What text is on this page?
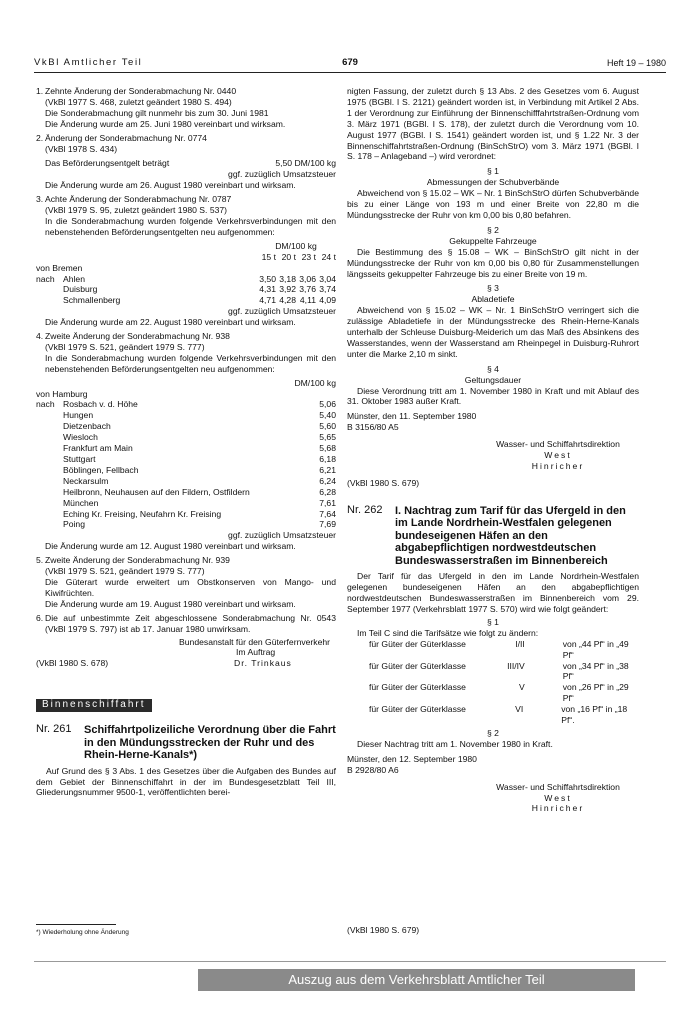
VkBl Amtlicher Teil	679	Heft 19 – 1980
1. Zehnte Änderung der Sonderabmachung Nr. 0440

(VkBl 1977 S. 468, zuletzt geändert 1980 S. 494)

Die Sonderabmachung gilt nunmehr bis zum 30. Juni 1981

Die Änderung wurde am 25. Juni 1980 vereinbart und wirksam.

2. Änderung der Sonderabmachung Nr. 0774

(VkBl 1978 S. 434)

Das Beförderungsentgelt beträgt	5,50 DM/100 kg

ggf. zuzüglich Umsatzsteuer

Die Änderung wurde am 26. August 1980 vereinbart und wirksam.

3. Achte Änderung der Sonderabmachung Nr. 0787

(VkBl 1979 S. 95, zuletzt geändert 1980 S. 537)

In die Sonderabmachung wurden folgende Verkehrsverbindungen mit den nebenstehenden Beförderungsentgelten neu aufgenommen:

DM/100 kg
15 t 20 t 23 t 24 t

von Bremen

nach Ahlen	3,50 3,18 3,06 3,04
Duisburg	4,31 3,92 3,76 3,74
Schmallenberg	4,71 4,28 4,11 4,09

ggf. zuzüglich Umsatzsteuer

Die Änderung wurde am 22. August 1980 vereinbart und wirksam.

4. Zweite Änderung der Sonderabmachung Nr. 938

(VkBl 1979 S. 521, geändert 1979 S. 777)

In die Sonderabmachung wurden folgende Verkehrsverbindungen mit den nebenstehenden Beförderungsentgelten neu aufgenommen:

DM/100 kg

von Hamburg

nach Rosbach v. d. Höhe	5,06
Hungen	5,40
Dietzenbach	5,60
Wiesloch	5,65
Frankfurt am Main	5,68
Stuttgart	6,18
Böblingen, Fellbach	6,21
Neckarsulm	6,24
Heilbronn, Neuhausen auf den Fildern, Ostfildern	6,28
München	7,61
Eching Kr. Freising, Neufahrn Kr. Freising	7,64
Poing	7,69

ggf. zuzüglich Umsatzsteuer

Die Änderung wurde am 12. August 1980 vereinbart und wirksam.

5. Zweite Änderung der Sonderabmachung Nr. 939

(VkBl 1979 S. 521, geändert 1979 S. 777)

Die Güterart wurde erweitert um Obstkonserven von Mango- und Kiwifrüchten.

Die Änderung wurde am 19. August 1980 vereinbart und wirksam.

6. Die auf unbestimmte Zeit abgeschlossene Sonderabmachung Nr. 0543 (VkBl 1979 S. 797) ist ab 17. Januar 1980 unwirksam.

Bundesanstalt für den Güterfernverkehr

Im Auftrag

(VkBl 1980 S. 678)	Dr. Trinkaus
Binnenschiffahrt
Nr. 261	Schiffahrtpolizeiliche Verordnung über die Fahrt in den Mündungsstrecken der Ruhr und des Rhein-Herne-Kanals*)

Auf Grund des § 3 Abs. 1 des Gesetzes über die Aufgaben des Bundes auf dem Gebiet der Binnenschiffahrt in der im Bundesgesetzblatt Teil III, Gliederungsnummer 9500-1, veröffentlichten berei-

*) Wiederholung ohne Änderung

nigten Fassung, der zuletzt durch § 13 Abs. 2 des Gesetzes vom 6. August 1975 (BGBl. I S. 2121) geändert worden ist, in Verbindung mit Artikel 2 Abs. 1 der Verordnung zur Einführung der Binnenschifffahrtstraßen-Ordnung vom 3. März 1971 (BGBl. I S. 178), der zuletzt durch die Verordnung vom 10. August 1977 (BGBl. I S. 1541) geändert worden ist, und § 1.22 Nr. 3 der Binnenschiffahrtstraßen-Ordnung (BinSchStrO) vom 3. März 1971 (BGBl. I S. 178 – Anlageband –) wird verordnet:

§ 1

Abmessungen der Schubverbände

Abweichend von § 15.02 – WK – Nr. 1 BinSchStrO dürfen Schubverbände bis zu einer Länge von 193 m und einer Breite von 22,80 m die Mündungsstrecke der Ruhr von km 0,00 bis 0,80 befahren.

§ 2

Gekuppelte Fahrzeuge

Die Bestimmung des § 15.08 – WK – BinSchStrO gilt nicht in der Mündungsstrecke der Ruhr von km 0,00 bis 0,80 für Zusammenstellungen längsseits gekuppelter Fahrzeuge bis zu einer Breite von 19 m.

§ 3

Abladetiefe

Abweichend von § 15.02 – WK – Nr. 1 BinSchStrO verringert sich die zulässige Abladetiefe in der Mündungsstrecke des Rhein-Herne-Kanals unterhalb der Schleuse Duisburg-Meiderich um das Maß des Absinkens des Wasserstandes, wenn der Wasserstand am Rheinpegel in Duisburg-Ruhrort unter die Marke 2,10 m sinkt.

§ 4

Geltungsdauer

Diese Verordnung tritt am 1. November 1980 in Kraft und mit Ablauf des 31. Oktober 1983 außer Kraft.

Münster, den 11. September 1980

B 3156/80 A5

Wasser- und Schiffahrtsdirektion

West

Hinricher

(VkBl 1980 S. 679)

Nr. 262	I. Nachtrag zum Tarif für das Ufergeld in den im Lande Nordrhein-Westfalen gelegenen bundeseigenen Häfen an den abgabepflichtigen nordwestdeutschen Bundeswasserstraßen im Binnenbereich

Der Tarif für das Ufergeld in den im Lande Nordrhein-Westfalen gelegenen bundeseigenen Häfen an den abgabepflichtigen nordwestdeutschen Bundeswasserstraßen im Binnenbereich vom 29. September 1977 (Verkehrsblatt 1977 S. 570) wird wie folgt geändert:

§ 1

Im Teil C sind die Tarifsätze wie folgt zu ändern:

für Güter der Güterklasse	I/II	von „44 Pf“ in „49 Pf“
für Güter der Güterklasse	III/IV	von „34 Pf“ in „38 Pf“
für Güter der Güterklasse	V	von „26 Pf“ in „29 Pf“
für Güter der Güterklasse	VI	von „16 Pf“ in „18 Pf“.

§ 2

Dieser Nachtrag tritt am 1. November 1980 in Kraft.

Münster, den 12. September 1980

B 2928/80 A6

Wasser- und Schiffahrtsdirektion

West

Hinricher

(VkBl 1980 S. 679)
Auszug aus dem Verkehrsblatt Amtlicher Teil
